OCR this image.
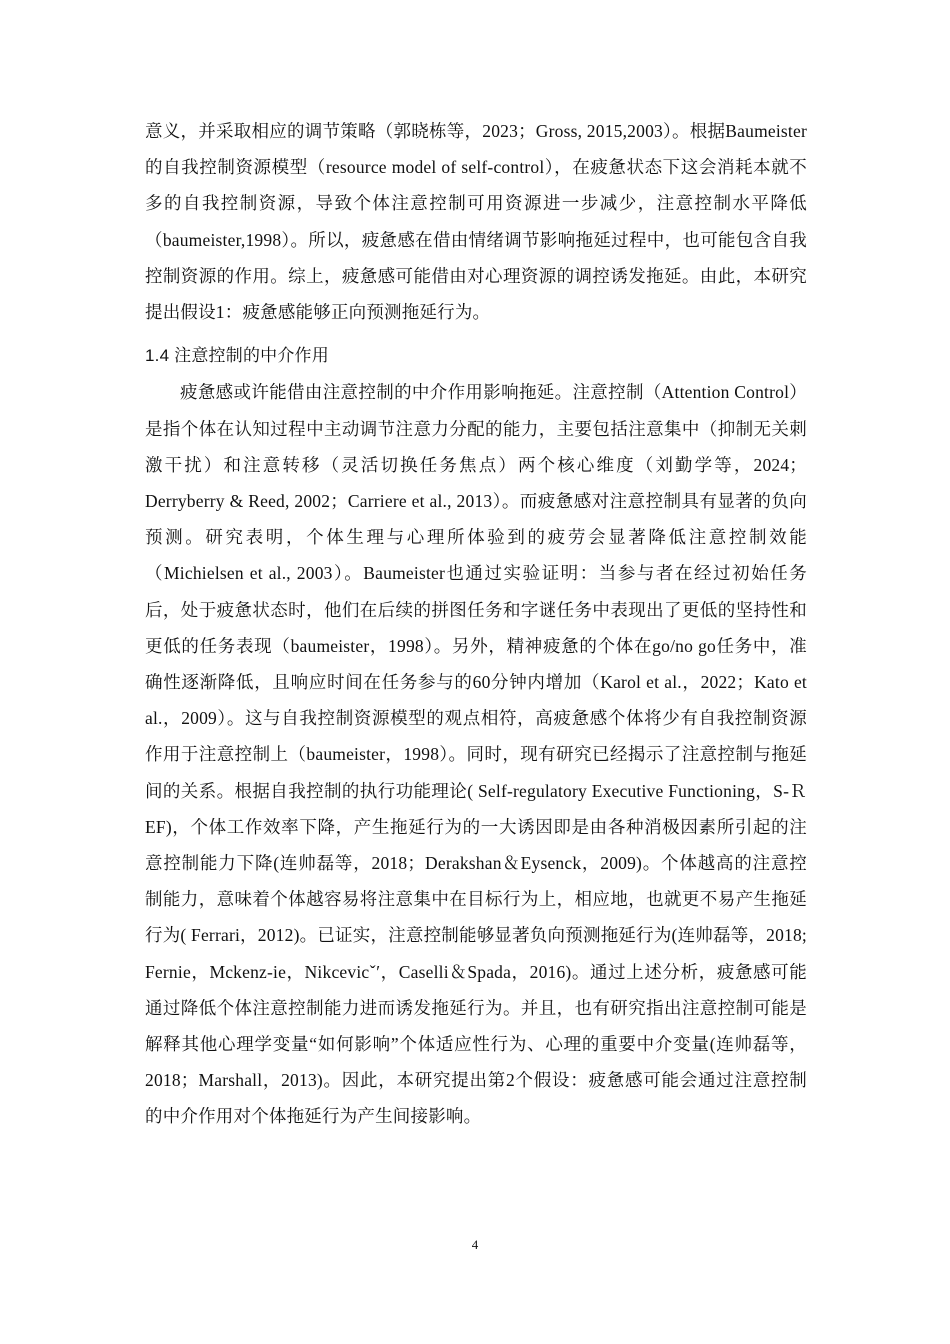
意义，并采取相应的调节策略（郭晓栋等，2023；Gross, 2015,2003）。根据Baumeister的自我控制资源模型（resource model of self-control），在疲惫状态下这会消耗本就不多的自我控制资源，导致个体注意控制可用资源进一步减少，注意控制水平降低（baumeister,1998）。所以，疲惫感在借由情绪调节影响拖延过程中，也可能包含自我控制资源的作用。综上，疲惫感可能借由对心理资源的调控诱发拖延。由此，本研究提出假设1：疲惫感能够正向预测拖延行为。

1.4 注意控制的中介作用

疲惫感或许能借由注意控制的中介作用影响拖延。注意控制（Attention Control）是指个体在认知过程中主动调节注意力分配的能力，主要包括注意集中（抑制无关刺激干扰）和注意转移（灵活切换任务焦点）两个核心维度（刘勤学等，2024；Derryberry & Reed, 2002；Carriere et al., 2013）。而疲惫感对注意控制具有显著的负向预测。研究表明，个体生理与心理所体验到的疲劳会显著降低注意控制效能（Michielsen et al., 2003）。Baumeister也通过实验证明：当参与者在经过初始任务后，处于疲惫状态时，他们在后续的拼图任务和字谜任务中表现出了更低的坚持性和更低的任务表现（baumeister，1998）。另外，精神疲惫的个体在go/no go任务中，准确性逐渐降低，且响应时间在任务参与的60分钟内增加（Karol et al.，2022；Kato et al.，2009）。这与自我控制资源模型的观点相符，高疲惫感个体将少有自我控制资源作用于注意控制上（baumeister，1998）。同时，现有研究已经揭示了注意控制与拖延间的关系。根据自我控制的执行功能理论( Self-regulatory Executive Functioning，S-ＲEF)，个体工作效率下降，产生拖延行为的一大诱因即是由各种消极因素所引起的注意控制能力下降(连帅磊等，2018；Derakshan＆Eysenck，2009)。个体越高的注意控制能力，意味着个体越容易将注意集中在目标行为上，相应地，也就更不易产生拖延行为( Ferrari，2012)。已证实，注意控制能够显著负向预测拖延行为(连帅磊等，2018; Fernie，Mckenz-ie，Nikcevicˇ′，Caselli＆Spada，2016)。通过上述分析，疲惫感可能通过降低个体注意控制能力进而诱发拖延行为。并且，也有研究指出注意控制可能是解释其他心理学变量“如何影响”个体适应性行为、心理的重要中介变量(连帅磊等，2018；Marshall，2013)。因此，本研究提出第2个假设：疲惫感可能会通过注意控制的中介作用对个体拖延行为产生间接影响。

4
